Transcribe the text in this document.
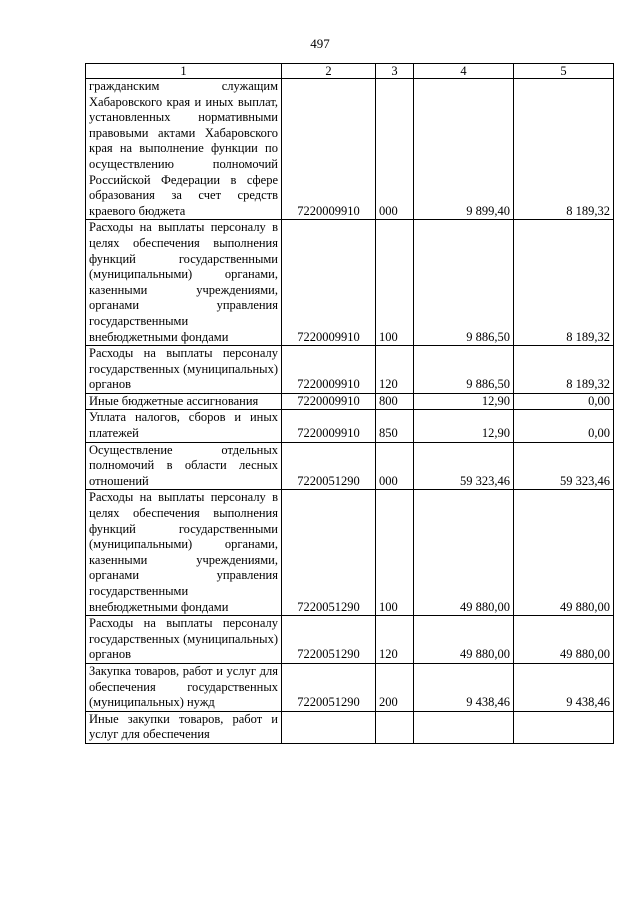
497
1	2	3	4	5
гражданским служащим Хабаровского края и иных выплат, установленных нормативными правовыми актами Хабаровского края на выполнение функции по осуществлению полномочий Российской Федерации в сфере образования за счет средств краевого бюджета	7220009910	000	9 899,40	8 189,32
Расходы на выплаты персоналу в целях обеспечения выполнения функций государственными (муниципальными) органами, казенными учреждениями, органами управления государственными внебюджетными фондами	7220009910	100	9 886,50	8 189,32
Расходы на выплаты персоналу государственных (муниципальных) органов	7220009910	120	9 886,50	8 189,32
Иные бюджетные ассигнования	7220009910	800	12,90	0,00
Уплата налогов, сборов и иных платежей	7220009910	850	12,90	0,00
Осуществление отдельных полномочий в области лесных отношений	7220051290	000	59 323,46	59 323,46
Расходы на выплаты персоналу в целях обеспечения выполнения функций государственными (муниципальными) органами, казенными учреждениями, органами управления государственными внебюджетными фондами	7220051290	100	49 880,00	49 880,00
Расходы на выплаты персоналу государственных (муниципальных) органов	7220051290	120	49 880,00	49 880,00
Закупка товаров, работ и услуг для обеспечения государственных (муниципальных) нужд	7220051290	200	9 438,46	9 438,46
Иные закупки товаров, работ и услуг для обеспечения				
